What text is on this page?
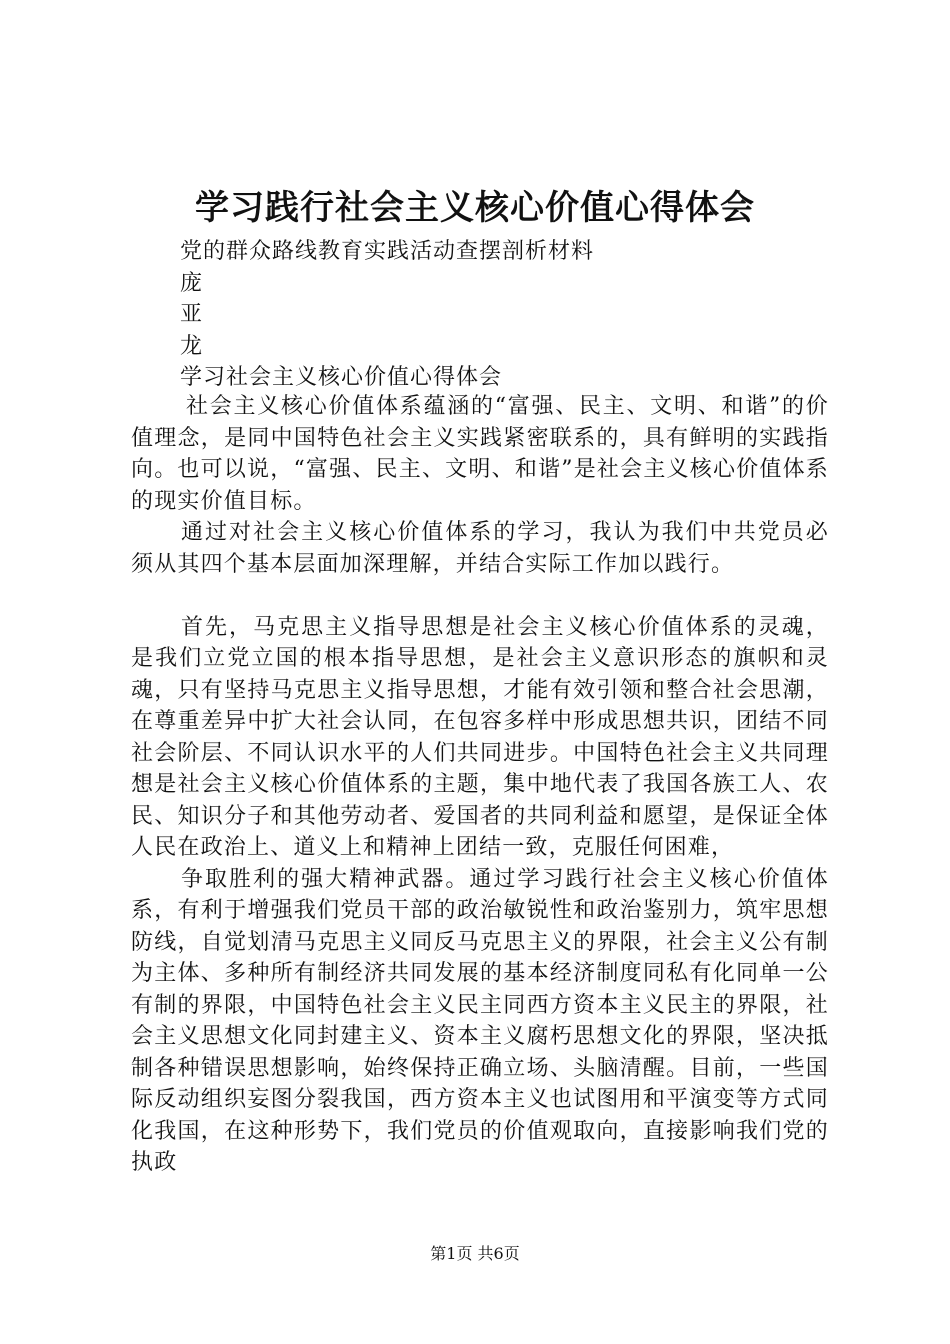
学习践行社会主义核心价值心得体会
党的群众路线教育实践活动查摆剖析材料
庞
亚
龙
学习社会主义核心价值心得体会

社会主义核心价值体系蕴涵的“富强、民主、文明、和谐”的价值理念，是同中国特色社会主义实践紧密联系的，具有鲜明的实践指向。也可以说，“富强、民主、文明、和谐”是社会主义核心价值体系的现实价值目标。

通过对社会主义核心价值体系的学习，我认为我们中共党员必须从其四个基本层面加深理解，并结合实际工作加以践行。

首先，马克思主义指导思想是社会主义核心价值体系的灵魂，是我们立党立国的根本指导思想，是社会主义意识形态的旗帜和灵魂，只有坚持马克思主义指导思想，才能有效引领和整合社会思潮，在尊重差异中扩大社会认同，在包容多样中形成思想共识，团结不同社会阶层、不同认识水平的人们共同进步。中国特色社会主义共同理想是社会主义核心价值体系的主题，集中地代表了我国各族工人、农民、知识分子和其他劳动者、爱国者的共同利益和愿望，是保证全体人民在政治上、道义上和精神上团结一致，克服任何困难，

争取胜利的强大精神武器。通过学习践行社会主义核心价值体系，有利于增强我们党员干部的政治敏锐性和政治鉴别力，筑牢思想防线，自觉划清马克思主义同反马克思主义的界限，社会主义公有制为主体、多种所有制经济共同发展的基本经济制度同私有化同单一公有制的界限，中国特色社会主义民主同西方资本主义民主的界限，社会主义思想文化同封建主义、资本主义腐朽思想文化的界限，坚决抵制各种错误思想影响，始终保持正确立场、头脑清醒。目前，一些国际反动组织妄图分裂我国，西方资本主义也试图用和平演变等方式同化我国，在这种形势下，我们党员的价值观取向，直接影响我们党的执政

第1页 共6页
